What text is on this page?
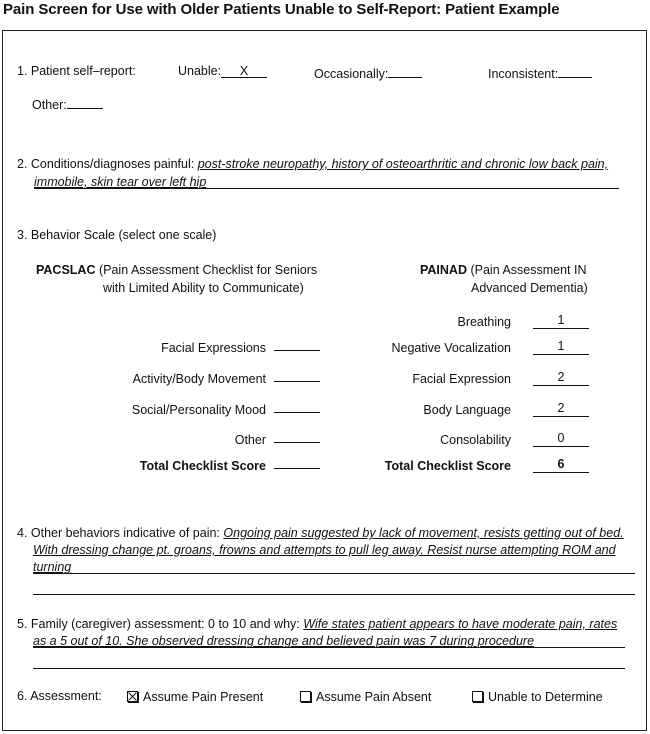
Pain Screen for Use with Older Patients Unable to Self-Report: Patient Example
1. Patient self–report:	Unable: X	Occasionally:	Inconsistent:
Other:
2. Conditions/diagnoses painful: post-stroke neuropathy, history of osteoarthritic and chronic low back pain,
immobile, skin tear over left hip
3. Behavior Scale (select one scale)
PACSLAC (Pain Assessment Checklist for Seniors
with Limited Ability to Communicate)
PAINAD (Pain Assessment IN
Advanced Dementia)
Facial Expressions
Activity/Body Movement
Social/Personality Mood
Other
Total Checklist Score
Breathing	1
Negative Vocalization	1
Facial Expression	2
Body Language	2
Consolability	0
Total Checklist Score	6
4. Other behaviors indicative of pain: Ongoing pain suggested by lack of movement, resists getting out of bed.
With dressing change pt. groans, frowns and attempts to pull leg away. Resist nurse attempting ROM and
turning
5. Family (caregiver) assessment: 0 to 10 and why: Wife states patient appears to have moderate pain, rates
as a 5 out of 10. She observed dressing change and believed pain was 7 during procedure
6. Assessment:	Assume Pain Present	Assume Pain Absent	Unable to Determine
